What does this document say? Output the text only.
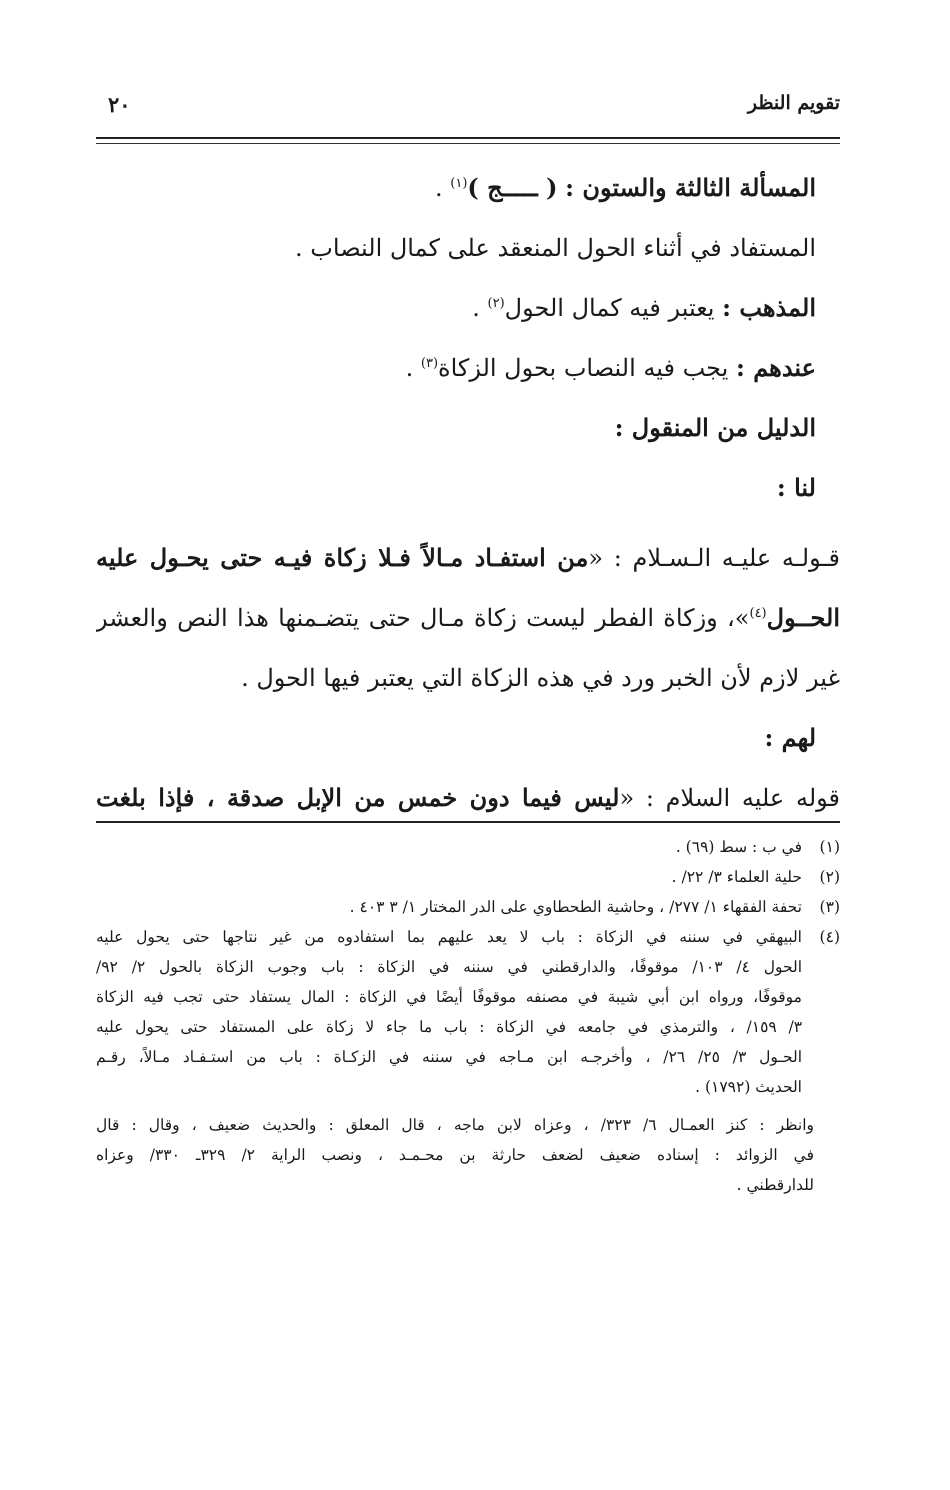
تقويم النظر
٢٠
المسألة الثالثة والستون : ( ـــــج )$^{(١)}$ .
المستفاد في أثناء الحول المنعقد على كمال النصاب .
المذهب : يعتبر فيه كمال الحول$^{(٢)}$ .
عندهم : يجب فيه النصاب بحول الزكاة$^{(٣)}$ .
الدليل من المنقول :
لنا :
قـولـه عليـه الـسـلام : «من استفـاد مـالاً فـلا زكاة فيـه حتى يحـول عليه
الحــول$^{(٤)}$»، وزكاة الفطر ليست زكاة مـال حتى يتضـمنها هذا النص والعشر
غير لازم لأن الخبر ورد في هذه الزكاة التي يعتبر فيها الحول .
لهم :
قوله عليه السلام : «ليس فيما دون خمس من الإبل صدقة ، فإذا بلغت
(١)
في ب : سط (٦٩) .
(٢)
حلية العلماء ٣/ ٢٢/ .
(٣)
تحفة الفقهاء ١/ ٢٧٧/ ، وحاشية الطحطاوي على الدر المختار ١/ ٣ ٤٠٣ .
(٤)
البيهقي في سننه في الزكاة : باب لا يعد عليهم بما استفادوه من غير نتاجها حتى يحول عليه
الحول ٤/ ١٠٣/ موقوفًا، والدارقطني في سننه في الزكاة : باب وجوب الزكاة بالحول ٢/ ٩٢/
موقوفًا، ورواه ابن أبي شيبة في مصنفه موقوفًا أيضًا في الزكاة : المال يستفاد حتى تجب فيه الزكاة
٣/ ١٥٩/ ، والترمذي في جامعه في الزكاة : باب ما جاء لا زكاة على المستفاد حتى يحول عليه
الحـول ٣/ ٢٥/ ٢٦/ ، وأخرجـه ابن مـاجه في سننه في الزكـاة : باب من استـفـاد مـالاً، رقـم
الحديث (١٧٩٢) .
وانظر : كنز العمـال ٦/ ٣٢٣/ ، وعزاه لابن ماجه ، قال المعلق : والحديث ضعيف ، وقال : قال
في الزوائد : إسناده ضعيف لضعف حارثة بن محـمـد ، ونصب الراية ٢/ ٣٢٩ـ ٣٣٠/ وعزاه
للدارقطني .
